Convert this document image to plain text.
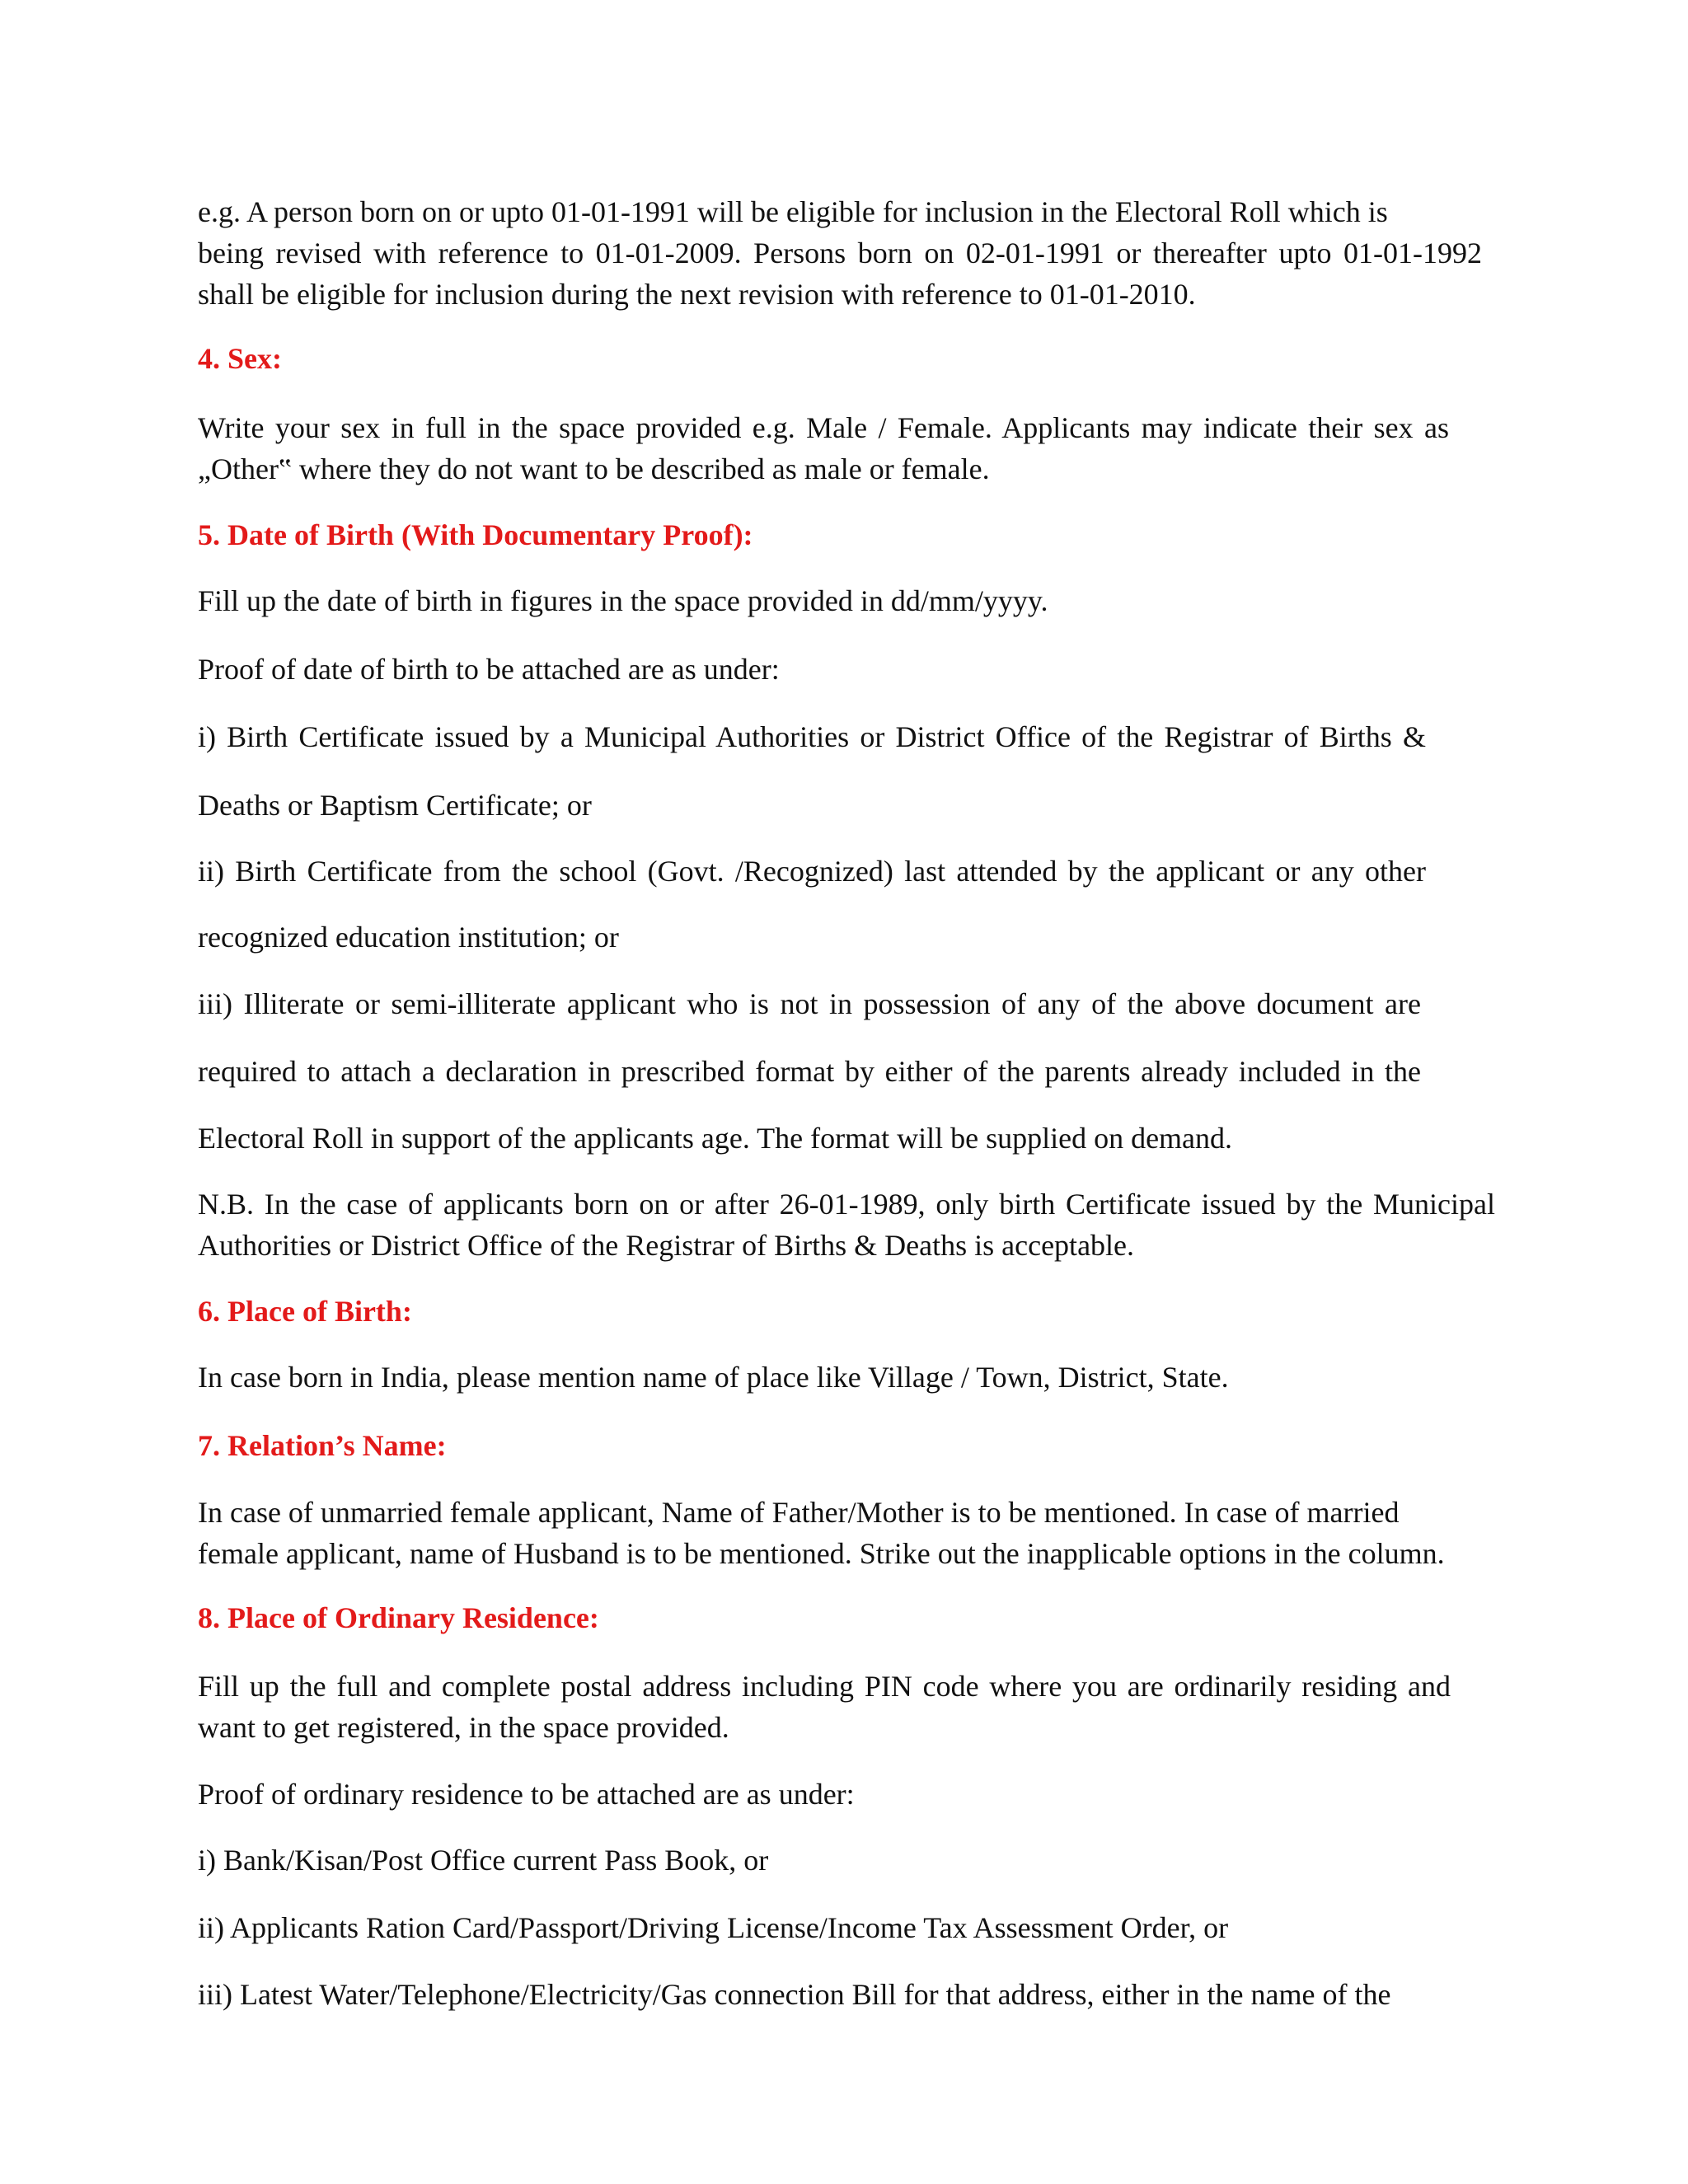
e.g. A person born on or upto 01-01-1991 will be eligible for inclusion in the Electoral Roll which is
being revised with reference to 01-01-2009. Persons born on 02-01-1991 or thereafter upto 01-01-1992
shall be eligible for inclusion during the next revision with reference to 01-01-2010.
4. Sex:
Write your sex in full in the space provided e.g. Male / Female. Applicants may indicate their sex as
„Other‟ where they do not want to be described as male or female.
5. Date of Birth (With Documentary Proof):
Fill up the date of birth in figures in the space provided in dd/mm/yyyy.
Proof of date of birth to be attached are as under:
i) Birth Certificate issued by a Municipal Authorities or District Office of the Registrar of Births &
Deaths or Baptism Certificate; or
ii) Birth Certificate from the school (Govt. /Recognized) last attended by the applicant or any other
recognized education institution; or
iii) Illiterate or semi-illiterate applicant who is not in possession of any of the above document are
required to attach a declaration in prescribed format by either of the parents already included in the
Electoral Roll in support of the applicants age. The format will be supplied on demand.
N.B. In the case of applicants born on or after 26-01-1989, only birth Certificate issued by the Municipal
Authorities or District Office of the Registrar of Births & Deaths is acceptable.
6. Place of Birth:
In case born in India, please mention name of place like Village / Town, District, State.
7. Relation’s Name:
In case of unmarried female applicant, Name of Father/Mother is to be mentioned. In case of married
female applicant, name of Husband is to be mentioned. Strike out the inapplicable options in the column.
8. Place of Ordinary Residence:
Fill up the full and complete postal address including PIN code where you are ordinarily residing and
want to get registered, in the space provided.
Proof of ordinary residence to be attached are as under:
i) Bank/Kisan/Post Office current Pass Book, or
ii) Applicants Ration Card/Passport/Driving License/Income Tax Assessment Order, or
iii) Latest Water/Telephone/Electricity/Gas connection Bill for that address, either in the name of the
